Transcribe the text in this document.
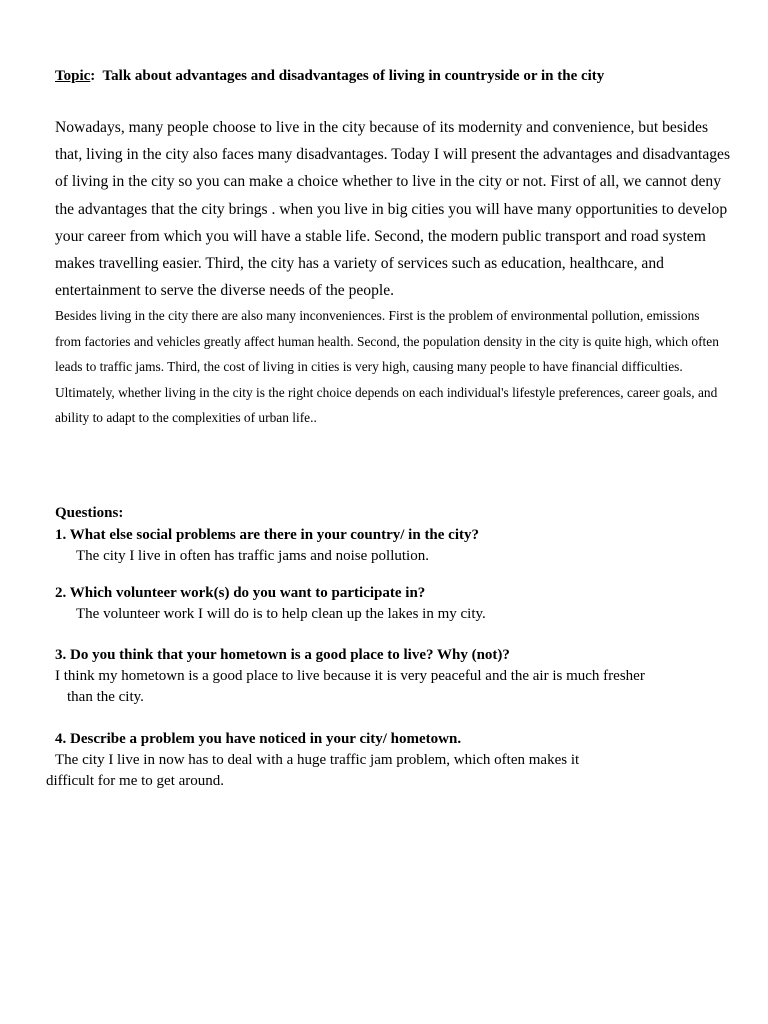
Topic:  Talk about advantages and disadvantages of living in countryside or in the city

Nowadays, many people choose to live in the city because of its modernity and convenience, but besides that, living in the city also faces many disadvantages. Today I will present the advantages and disadvantages of living in the city so you can make a choice whether to live in the city or not. First of all, we cannot deny the advantages that the city brings . when you live in big cities you will have many opportunities to develop your career from which you will have a stable life. Second, the modern public transport and road system makes travelling easier. Third, the city has a variety of services such as education, healthcare, and entertainment to serve the diverse needs of the people.

Besides living in the city there are also many inconveniences. First is the problem of environmental pollution, emissions from factories and vehicles greatly affect human health. Second, the population density in the city is quite high, which often leads to traffic jams. Third, the cost of living in cities is very high, causing many people to have financial difficulties. Ultimately, whether living in the city is the right choice depends on each individual's lifestyle preferences, career goals, and ability to adapt to the complexities of urban life..

Questions:
1. What else social problems are there in your country/ in the city?
The city I live in often has traffic jams and noise pollution.
2. Which volunteer work(s) do you want to participate in?
The volunteer work I will do is to help clean up the lakes in my city.
3. Do you think that your hometown is a good place to live? Why (not)?
I think my hometown is a good place to live because it is very peaceful and the air is much fresher than the city.
4. Describe a problem you have noticed in your city/ hometown.
The city I live in now has to deal with a huge traffic jam problem, which often makes it
difficult for me to get around.
